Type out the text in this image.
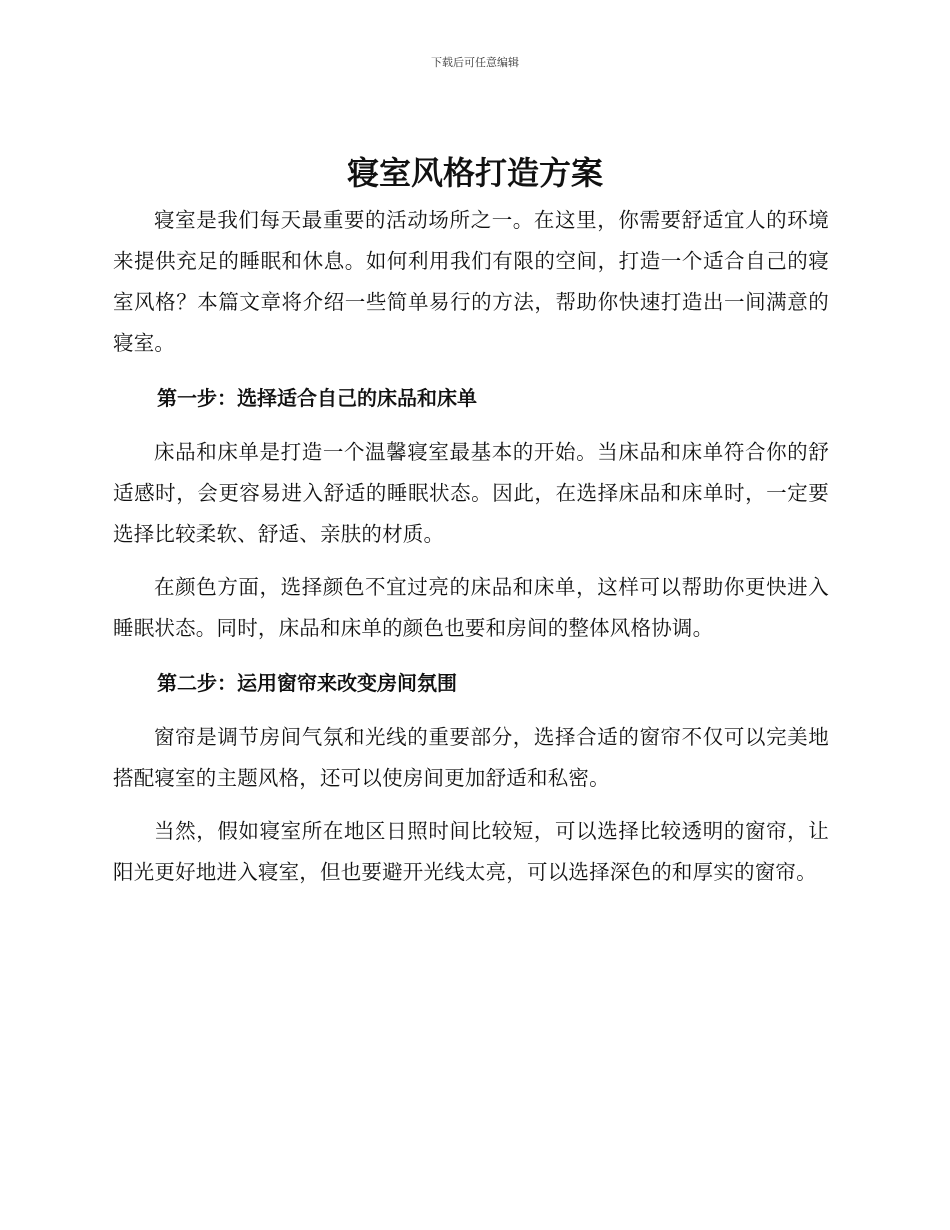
下载后可任意编辑
寝室风格打造方案

寝室是我们每天最重要的活动场所之一。在这里，你需要舒适宜人的环境来提供充足的睡眠和休息。如何利用我们有限的空间，打造一个适合自己的寝室风格？本篇文章将介绍一些简单易行的方法，帮助你快速打造出一间满意的寝室。

第一步：选择适合自己的床品和床单

床品和床单是打造一个温馨寝室最基本的开始。当床品和床单符合你的舒适感时，会更容易进入舒适的睡眠状态。因此，在选择床品和床单时，一定要选择比较柔软、舒适、亲肤的材质。

在颜色方面，选择颜色不宜过亮的床品和床单，这样可以帮助你更快进入睡眠状态。同时，床品和床单的颜色也要和房间的整体风格协调。

第二步：运用窗帘来改变房间氛围

窗帘是调节房间气氛和光线的重要部分，选择合适的窗帘不仅可以完美地搭配寝室的主题风格，还可以使房间更加舒适和私密。

当然，假如寝室所在地区日照时间比较短，可以选择比较透明的窗帘，让阳光更好地进入寝室，但也要避开光线太亮，可以选择深色的和厚实的窗帘。
